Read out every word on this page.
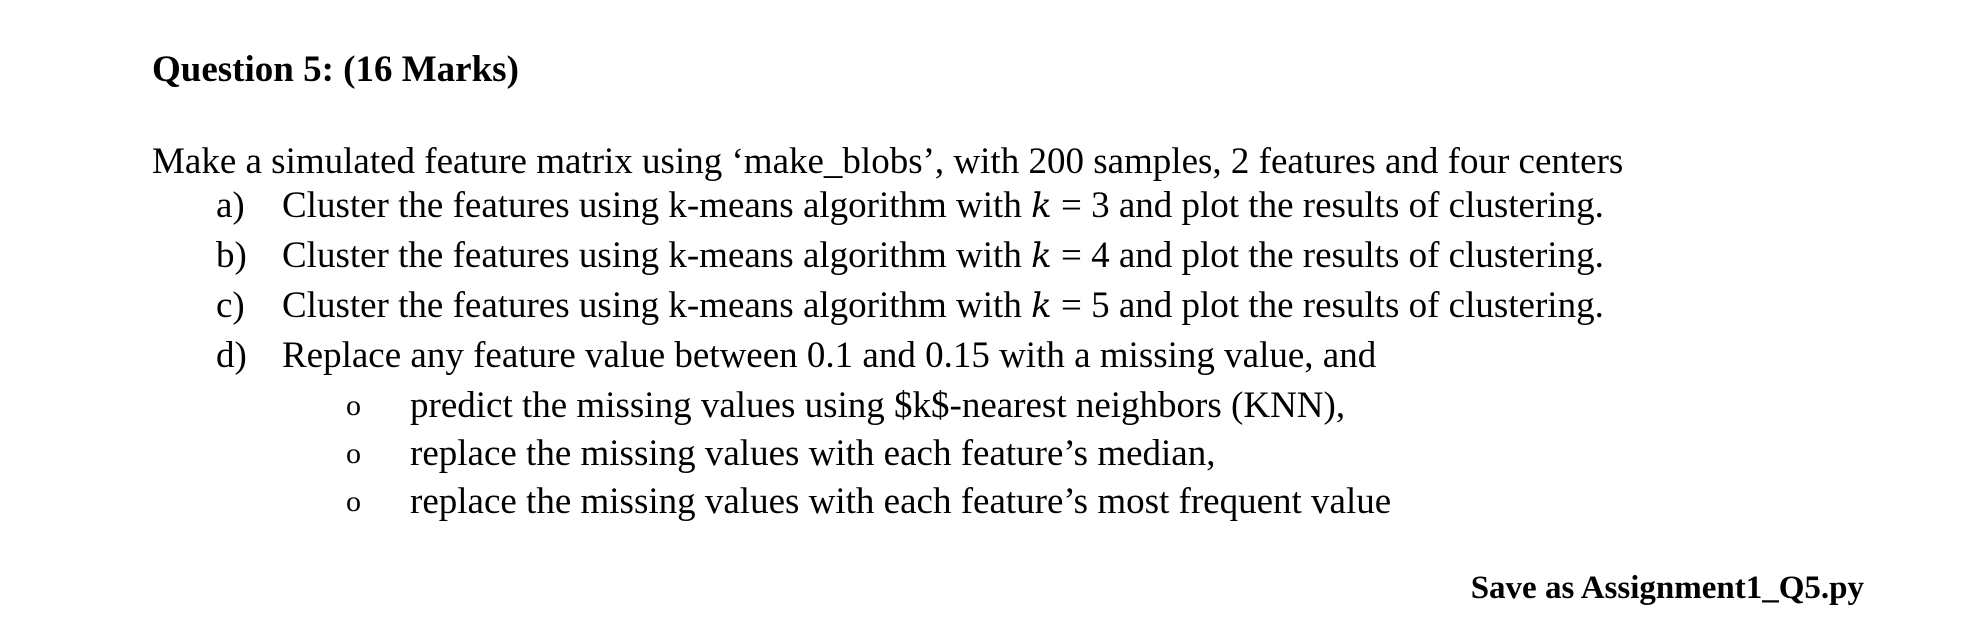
Question 5: (16 Marks)
Make a simulated feature matrix using ‘make_blobs’, with 200 samples, 2 features and four centers
a) Cluster the features using k-means algorithm with k = 3 and plot the results of clustering.
b) Cluster the features using k-means algorithm with k = 4 and plot the results of clustering.
c) Cluster the features using k-means algorithm with k = 5 and plot the results of clustering.
d) Replace any feature value between 0.1 and 0.15 with a missing value, and
o predict the missing values using $k$-nearest neighbors (KNN),
o replace the missing values with each feature’s median,
o replace the missing values with each feature’s most frequent value
Save as Assignment1_Q5.py
